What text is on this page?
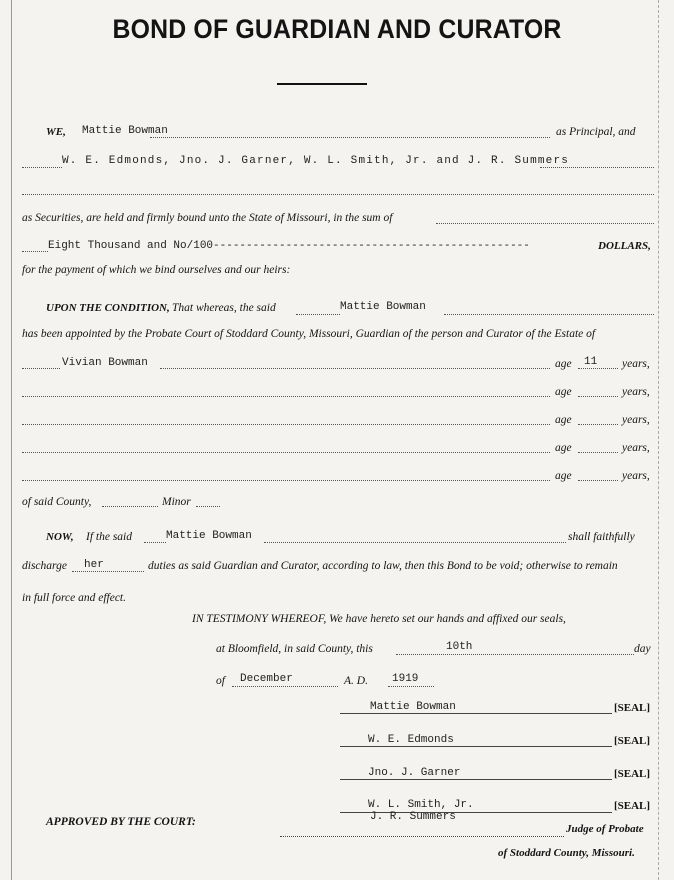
BOND OF GUARDIAN AND CURATOR
WE, Mattie Bowman	as Principal, and
W. E. Edmonds, Jno. J. Garner, W. L. Smith, Jr. and J. R. Summers
as Securities, are held and firmly bound unto the State of Missouri, in the sum of
Eight Thousand and No/100------------------------------------------------	DOLLARS,
for the payment of which we bind ourselves and our heirs:
UPON THE CONDITION, That whereas, the said	Mattie Bowman
has been appointed by the Probate Court of Stoddard County, Missouri, Guardian of the person and Curator of the Estate of
Vivian Bowman	age 11 years,
age	years,
age	years,
age	years,
age	years,
of said County,	Minor
NOW, If the said	Mattie Bowman	shall faithfully
discharge her	duties as said Guardian and Curator, according to law, then this Bond to be void; otherwise to remain
in full force and effect.
IN TESTIMONY WHEREOF, We have hereto set our hands and affixed our seals,
at Bloomfield, in said County, this	10th	day
of December	A. D. 1919
Mattie Bowman	[SEAL]
W. E. Edmonds	[SEAL]
Jno. J. Garner	[SEAL]
W. L. Smith, Jr.	[SEAL]
J. R. Summers
APPROVED BY THE COURT:
Judge of Probate
of Stoddard County, Missouri.
